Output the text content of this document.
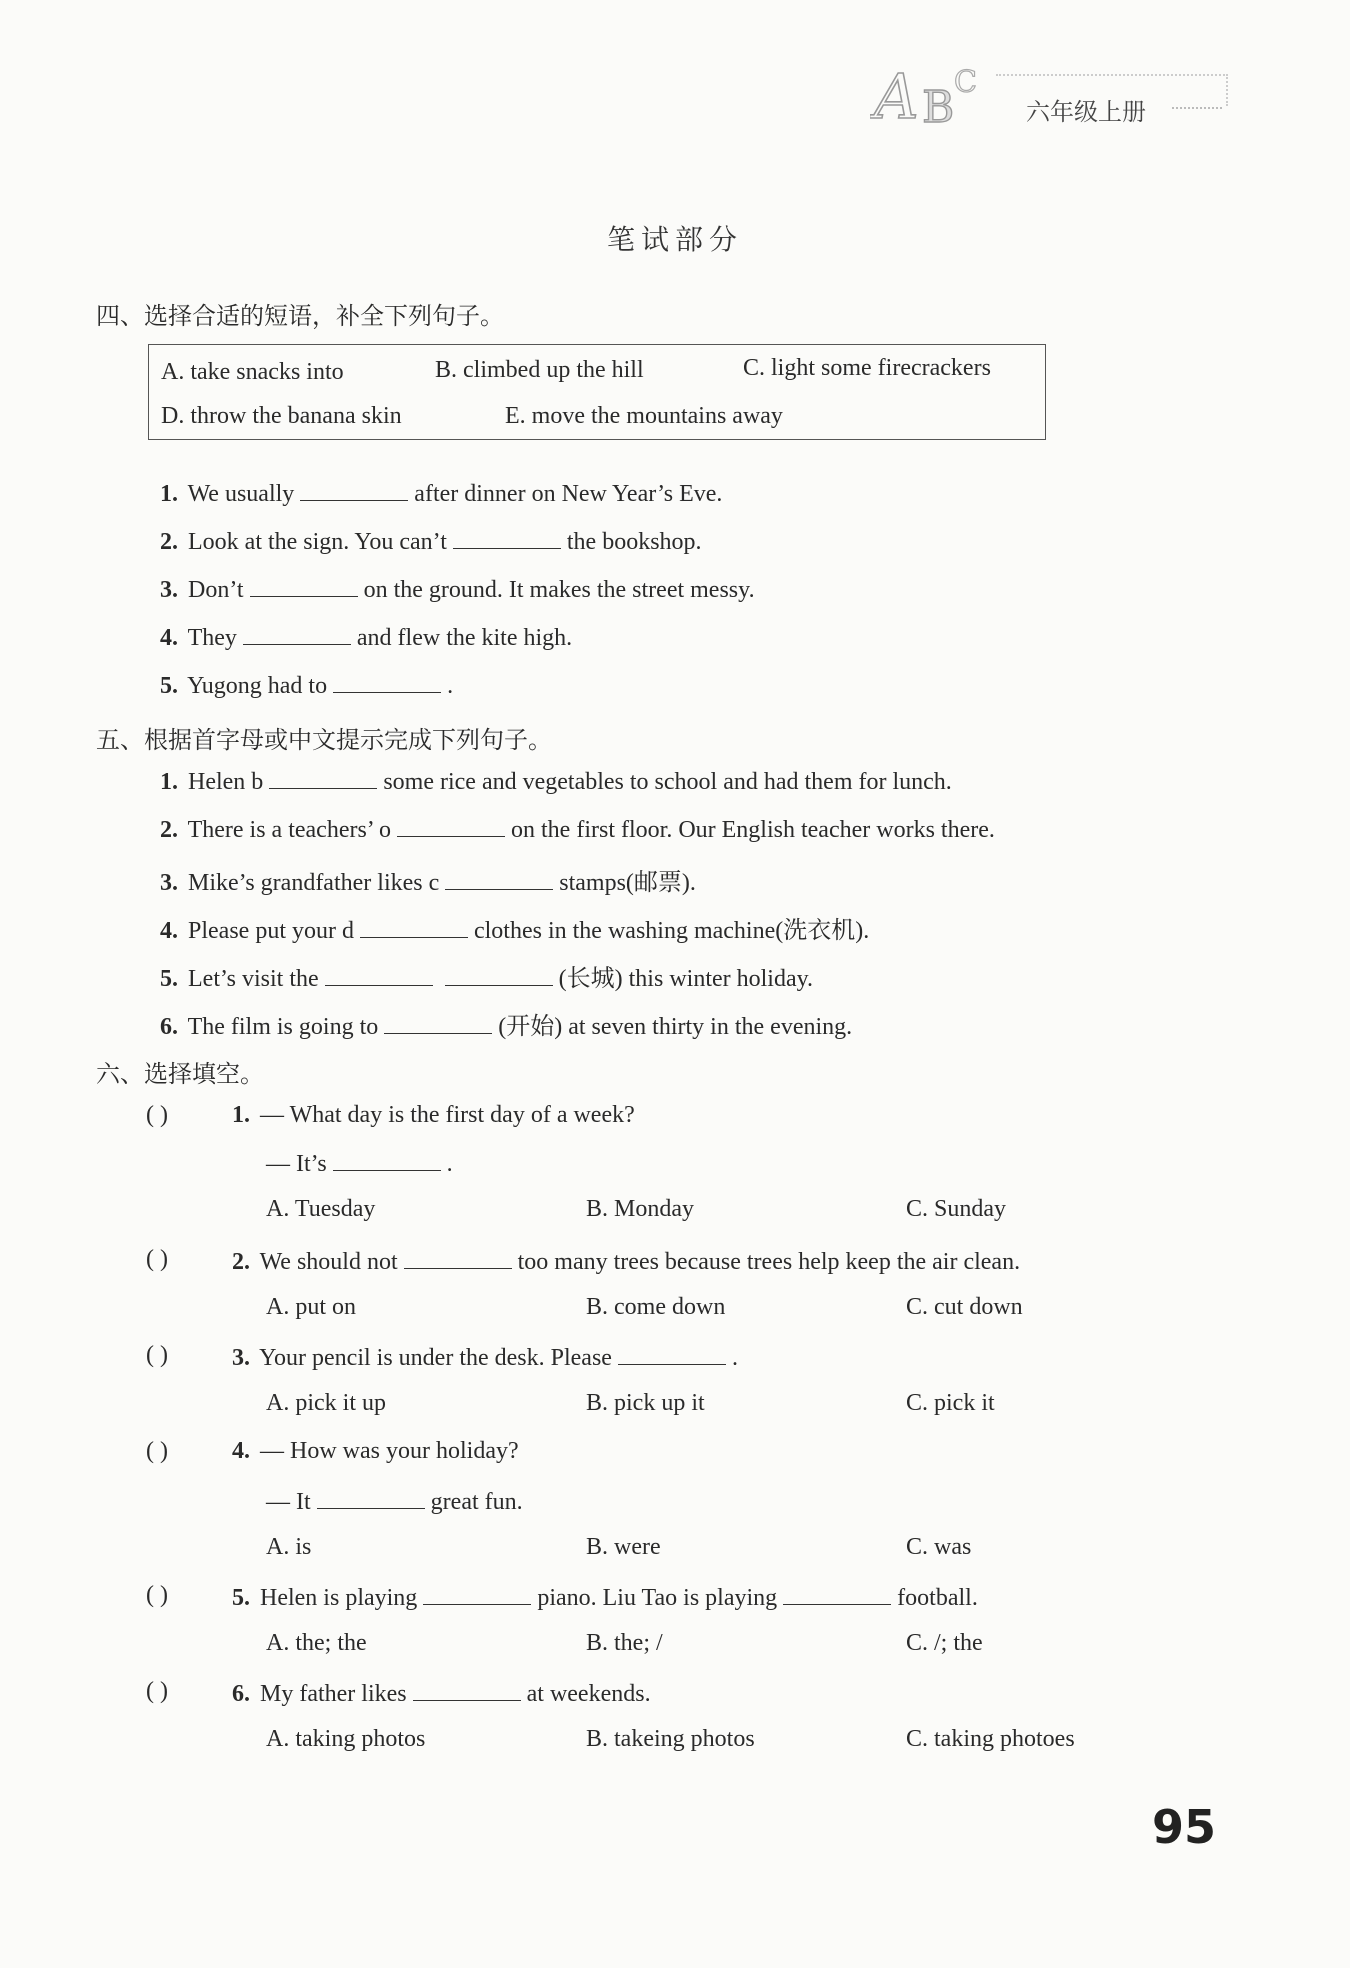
A B C
六年级上册
笔试部分
四、选择合适的短语，补全下列句子。
A. take snacks into	B. climbed up the hill	C. light some firecrackers
D. throw the banana skin	E. move the mountains away
1. We usually	after dinner on New Year’s Eve.
2. Look at the sign. You can’t	the bookshop.
3. Don’t	on the ground. It makes the street messy.
4. They	and flew the kite high.
5. Yugong had to	.
五、根据首字母或中文提示完成下列句子。
1. Helen b	some rice and vegetables to school and had them for lunch.
2. There is a teachers’ o	on the first floor. Our English teacher works there.
3. Mike’s grandfather likes c	stamps(邮票).
4. Please put your d	clothes in the washing machine(洗衣机).
5. Let’s visit the	(长城) this winter holiday.
6. The film is going to	(开始) at seven thirty in the evening.
六、选择填空。
( )	1. — What day is the first day of a week?
— It’s	.
A. Tuesday	B. Monday	C. Sunday
( )	2. We should not	too many trees because trees help keep the air clean.
A. put on	B. come down	C. cut down
( )	3. Your pencil is under the desk. Please	.
A. pick it up	B. pick up it	C. pick it
( )	4. — How was your holiday?
— It	great fun.
A. is	B. were	C. was
( )	5. Helen is playing	piano. Liu Tao is playing	football.
A. the; the	B. the; /	C. /; the
( )	6. My father likes	at weekends.
A. taking photos	B. takeing photos	C. taking photoes
95
